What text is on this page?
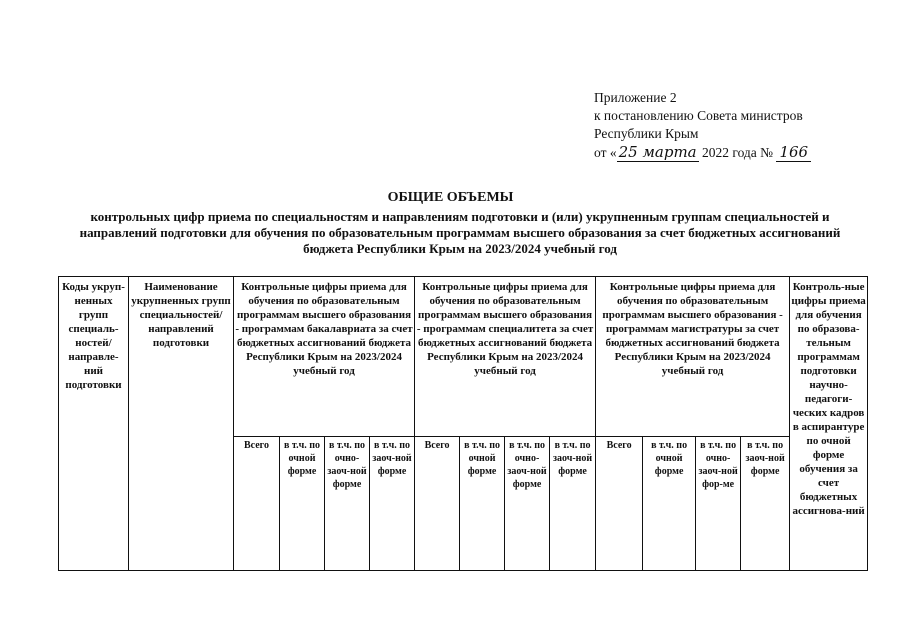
Приложение 2
к постановлению Совета министров
Республики Крым
от « 25 марта 2022 года № 166
ОБЩИЕ ОБЪЕМЫ
контрольных цифр приема по специальностям и направлениям подготовки и (или) укрупненным группам специальностей и направлений подготовки для обучения по образовательным программам высшего образования за счет бюджетных ассигнований бюджета Республики Крым на 2023/2024 учебный год
Коды укруп-ненных групп специаль-ностей/ направле-ний подготовки	Наименование укрупненных групп специальностей/ направлений подготовки	Контрольные цифры приема для обучения по образовательным программам высшего образования - программам бакалавриата за счет бюджетных ассигнований бюджета Республики Крым на 2023/2024 учебный год				Контрольные цифры приема для обучения по образовательным программам высшего образования - программам специалитета за счет бюджетных ассигнований бюджета Республики Крым на 2023/2024 учебный год				Контрольные цифры приема для обучения по образовательным программам высшего образования - программам магистратуры за счет бюджетных ассигнований бюджета Республики Крым на 2023/2024 учебный год				Контроль-ные цифры приема для обучения по образова-тельным программам подготовки научно-педагоги-ческих кадров в аспирантуре по очной форме обучения за счет бюджетных ассигнова-ний
		Всего	в т.ч. по очной форме	в т.ч. по очно-заоч-ной форме	в т.ч. по заоч-ной форме	Всего	в т.ч. по очной форме	в т.ч. по очно-заоч-ной форме	в т.ч. по заоч-ной форме	Всего	в т.ч. по очной форме	в т.ч. по очно-заоч-ной фор-ме	в т.ч. по заоч-ной форме	
